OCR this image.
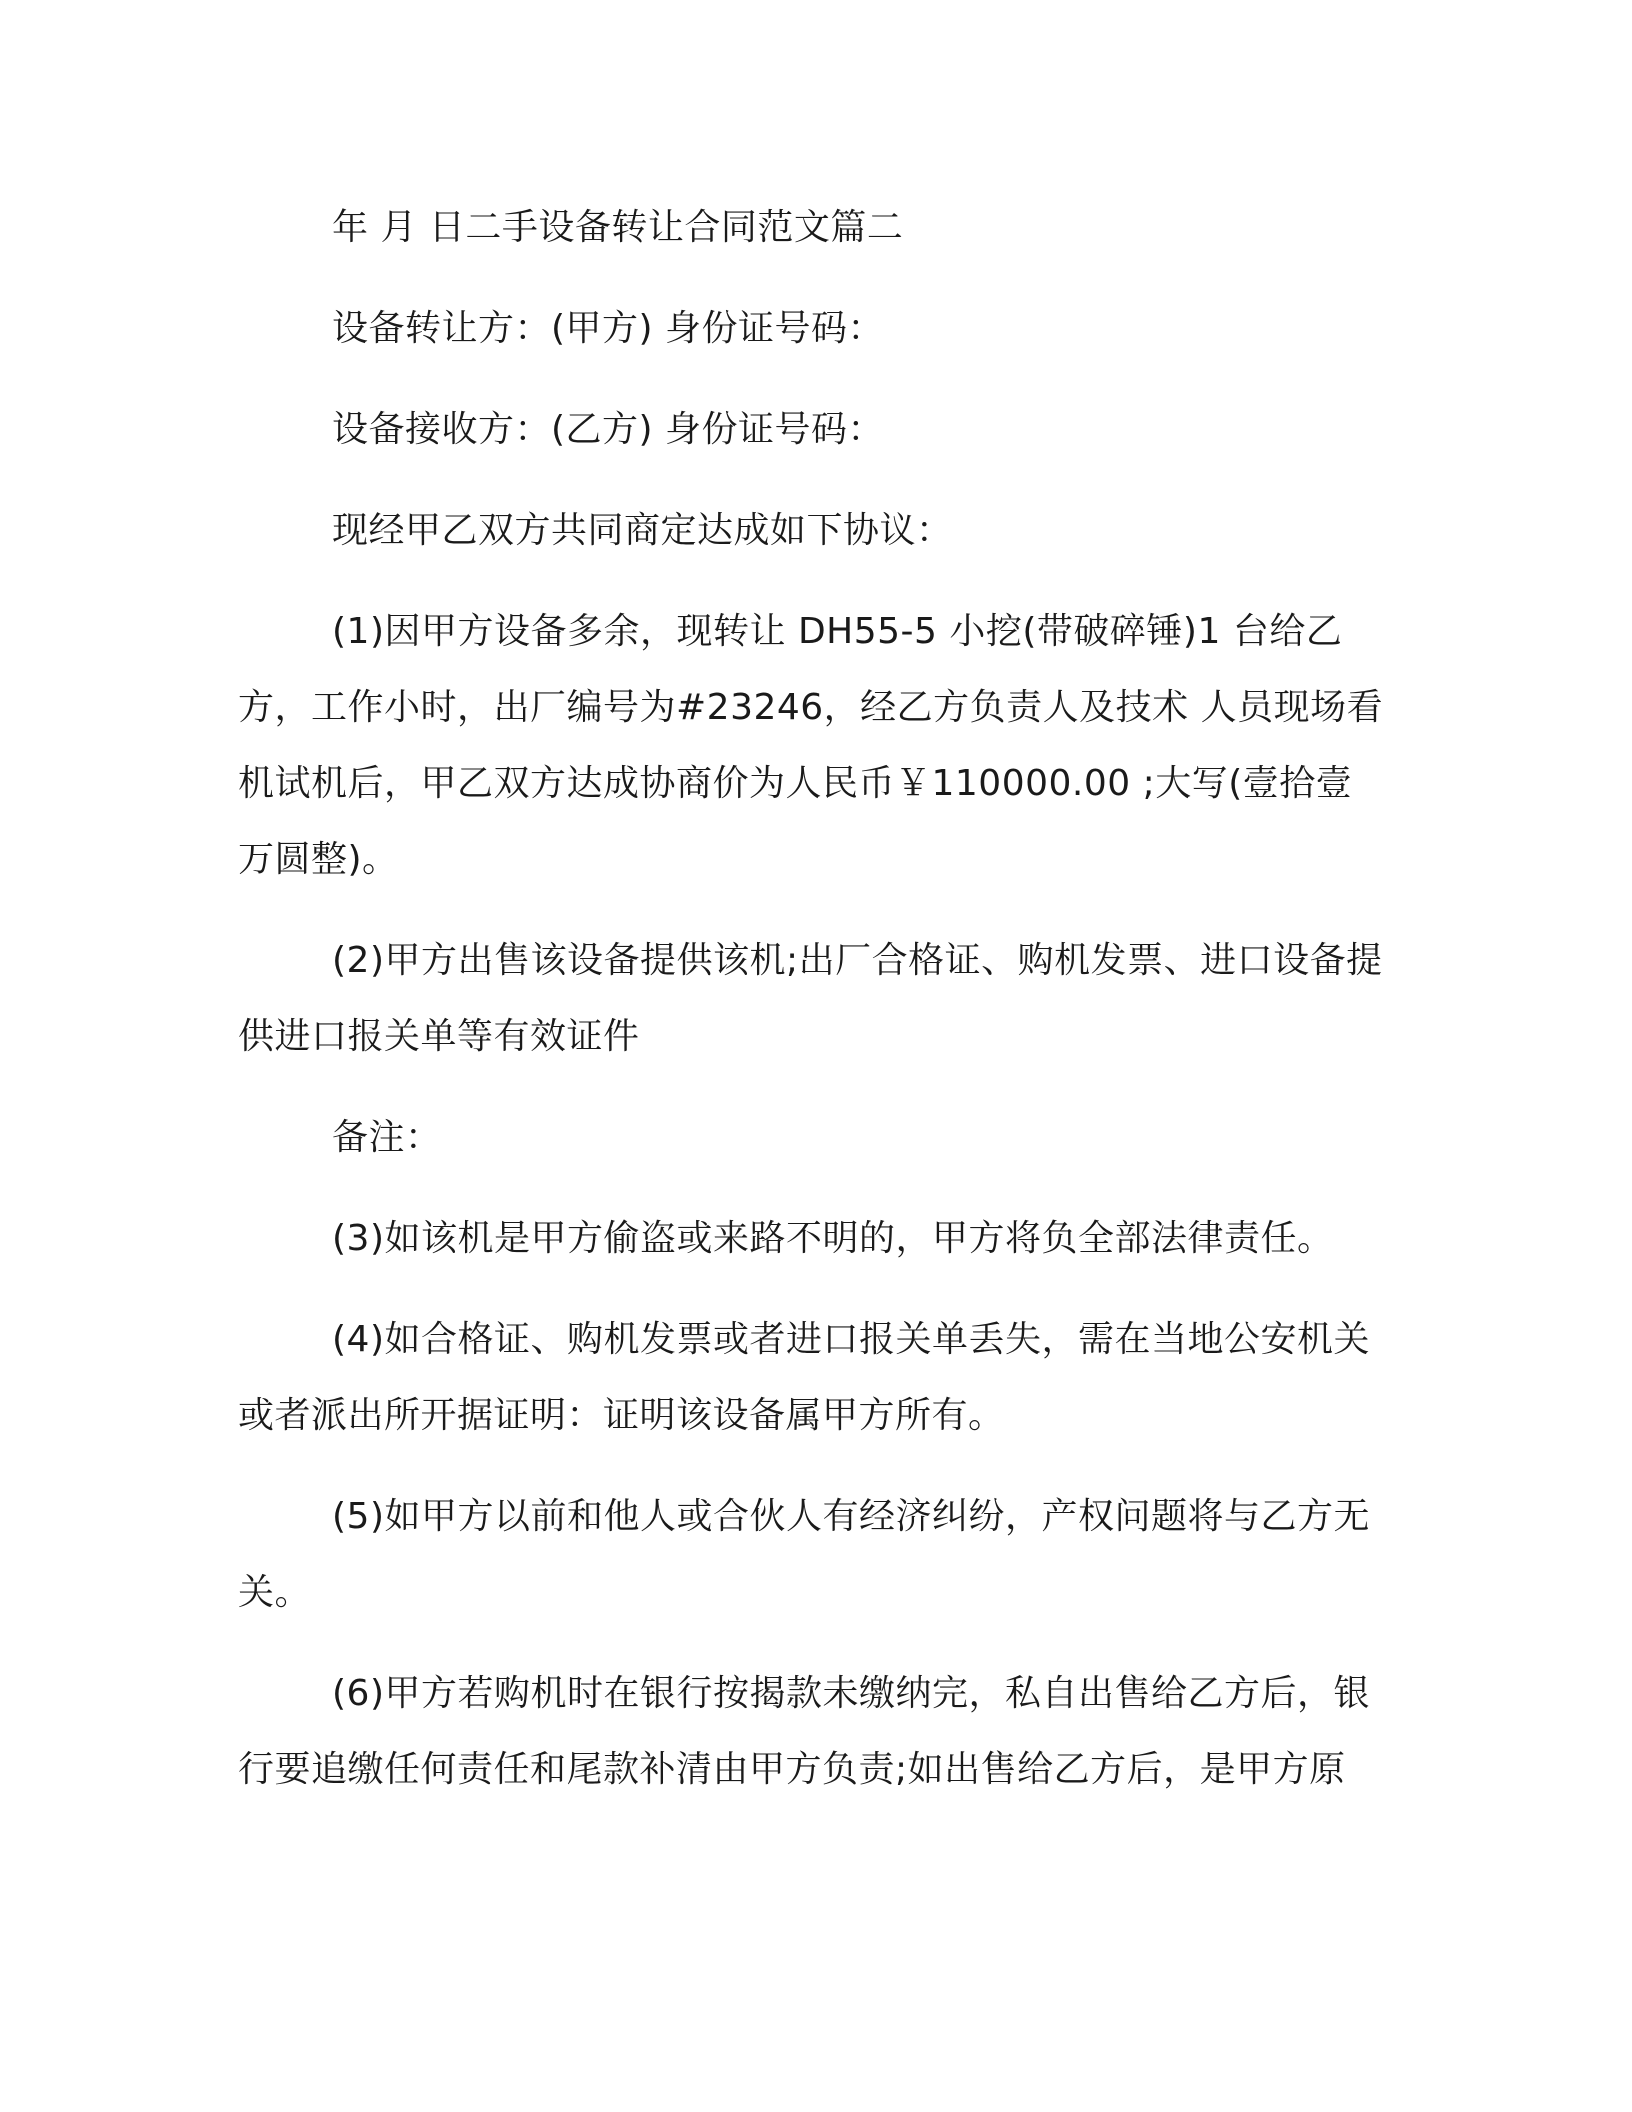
年 月 日二手设备转让合同范文篇二

设备转让方：(甲方) 身份证号码：

设备接收方：(乙方) 身份证号码：

现经甲乙双方共同商定达成如下协议：

(1)因甲方设备多余，现转让 DH55-5 小挖(带破碎锤)1 台给乙方，工作小时，出厂编号为#23246，经乙方负责人及技术 人员现场看机试机后，甲乙双方达成协商价为人民币￥110000.00 ;大写(壹拾壹万圆整)。

(2)甲方出售该设备提供该机;出厂合格证、购机发票、进口设备提供进口报关单等有效证件

备注：

(3)如该机是甲方偷盗或来路不明的，甲方将负全部法律责任。

(4)如合格证、购机发票或者进口报关单丢失，需在当地公安机关或者派出所开据证明：证明该设备属甲方所有。

(5)如甲方以前和他人或合伙人有经济纠纷，产权问题将与乙方无关。

(6)甲方若购机时在银行按揭款未缴纳完，私自出售给乙方后，银行要追缴任何责任和尾款补清由甲方负责;如出售给乙方后，是甲方原
